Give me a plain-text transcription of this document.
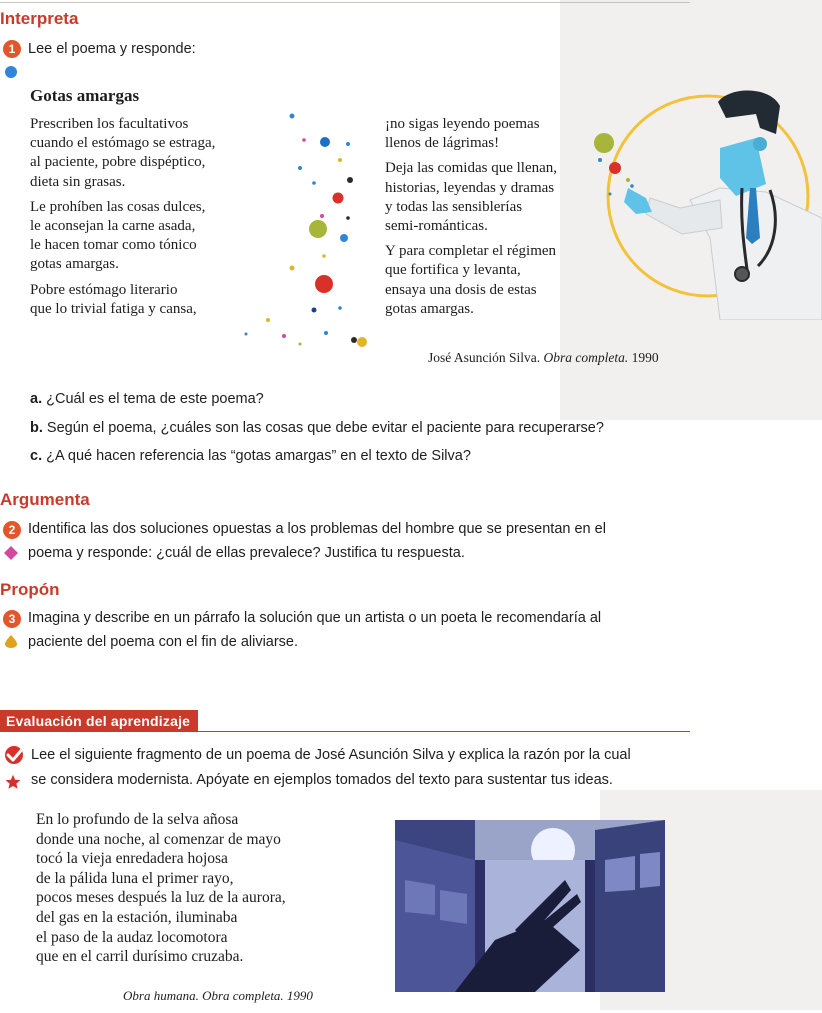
Interpreta
1 Lee el poema y responde:
Gotas amargas
Prescriben los facultativos
cuando el estómago se estraga,
al paciente, pobre dispéptico,
dieta sin grasas.
Le prohíben las cosas dulces,
le aconsejan la carne asada,
le hacen tomar como tónico
gotas amargas.
Pobre estómago literario
que lo trivial fatiga y cansa,
¡no sigas leyendo poemas
llenos de lágrimas!
Deja las comidas que llenan,
historias, leyendas y dramas
y todas las sensiblerías
semi-románticas.
Y para completar el régimen
que fortifica y levanta,
ensaya una dosis de estas
gotas amargas.
José Asunción Silva. Obra completa. 1990
a. ¿Cuál es el tema de este poema?
b. Según el poema, ¿cuáles son las cosas que debe evitar el paciente para recuperarse?
c. ¿A qué hacen referencia las “gotas amargas” en el texto de Silva?
Argumenta
2 Identifica las dos soluciones opuestas a los problemas del hombre que se presentan en el
poema y responde: ¿cuál de ellas prevalece? Justifica tu respuesta.
Propón
3 Imagina y describe en un párrafo la solución que un artista o un poeta le recomendaría al
paciente del poema con el fin de aliviarse.
Evaluación del aprendizaje
Lee el siguiente fragmento de un poema de José Asunción Silva y explica la razón por la cual
se considera modernista. Apóyate en ejemplos tomados del texto para sustentar tus ideas.
En lo profundo de la selva añosa
donde una noche, al comenzar de mayo
tocó la vieja enredadera hojosa
de la pálida luna el primer rayo,
pocos meses después la luz de la aurora,
del gas en la estación, iluminaba
el paso de la audaz locomotora
que en el carril durísimo cruzaba.
Obra humana. Obra completa. 1990
